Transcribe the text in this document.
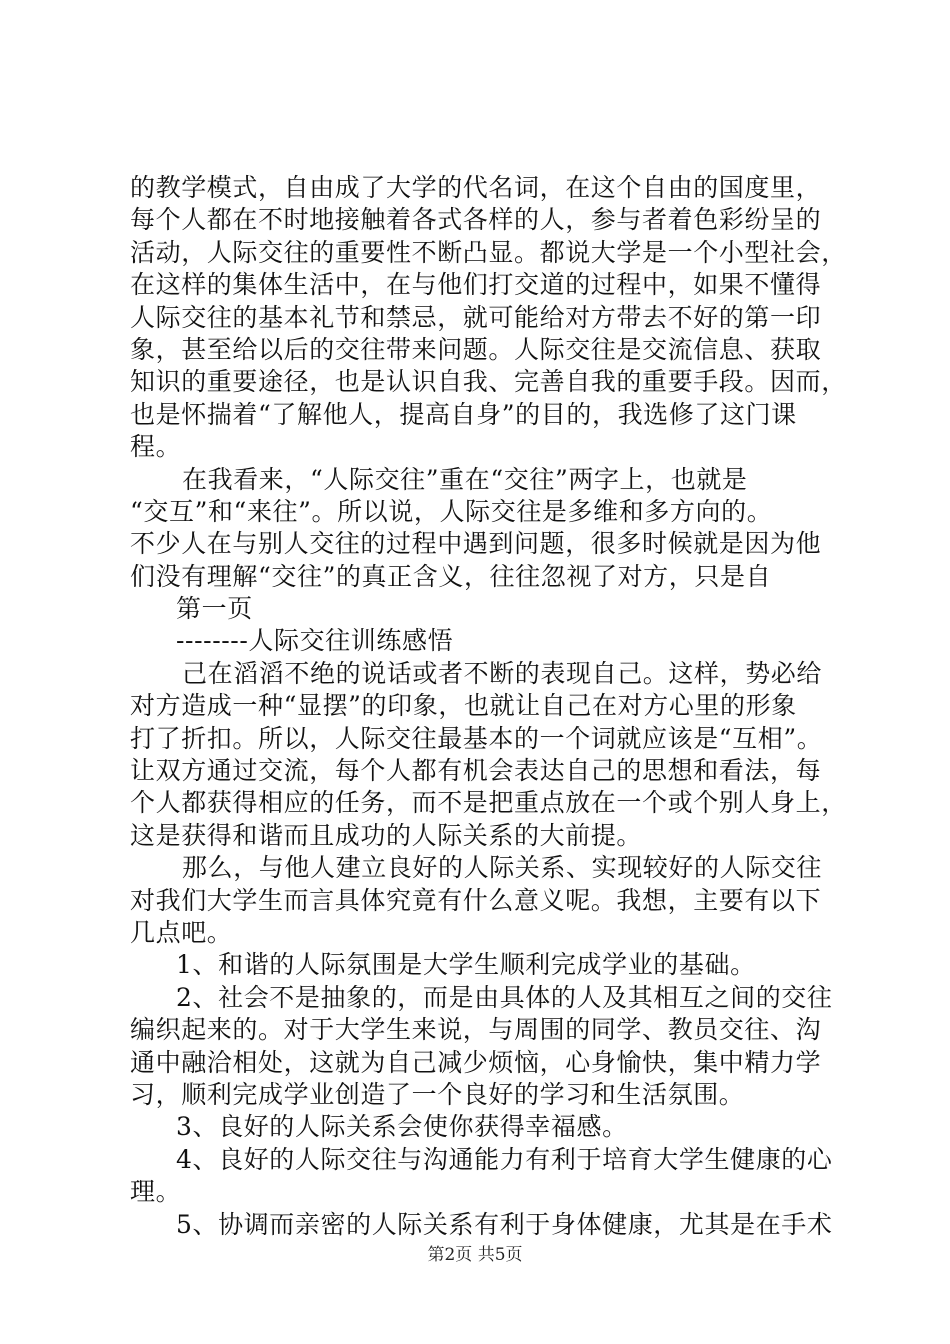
的教学模式，自由成了大学的代名词，在这个自由的国度里，
每个人都在不时地接触着各式各样的人，参与者着色彩纷呈的
活动，人际交往的重要性不断凸显。都说大学是一个小型社会，
在这样的集体生活中，在与他们打交道的过程中，如果不懂得
人际交往的基本礼节和禁忌，就可能给对方带去不好的第一印
象，甚至给以后的交往带来问题。人际交往是交流信息、获取
知识的重要途径，也是认识自我、完善自我的重要手段。因而，
也是怀揣着“了解他人，提高自身”的目的，我选修了这门课
程。
在我看来，“人际交往”重在“交往”两字上，也就是
“交互”和“来往”。所以说，人际交往是多维和多方向的。
不少人在与别人交往的过程中遇到问题，很多时候就是因为他
们没有理解“交往”的真正含义，往往忽视了对方，只是自
第一页
--------人际交往训练感悟
己在滔滔不绝的说话或者不断的表现自己。这样，势必给
对方造成一种“显摆”的印象，也就让自己在对方心里的形象
打了折扣。所以，人际交往最基本的一个词就应该是“互相”。
让双方通过交流，每个人都有机会表达自己的思想和看法，每
个人都获得相应的任务，而不是把重点放在一个或个别人身上，
这是获得和谐而且成功的人际关系的大前提。
那么，与他人建立良好的人际关系、实现较好的人际交往
对我们大学生而言具体究竟有什么意义呢。我想，主要有以下
几点吧。
1、和谐的人际氛围是大学生顺利完成学业的基础。
2、社会不是抽象的，而是由具体的人及其相互之间的交往
编织起来的。对于大学生来说，与周围的同学、教员交往、沟
通中融洽相处，这就为自己减少烦恼，心身愉快，集中精力学
习，顺利完成学业创造了一个良好的学习和生活氛围。
3、良好的人际关系会使你获得幸福感。
4、良好的人际交往与沟通能力有利于培育大学生健康的心
理。
5、协调而亲密的人际关系有利于身体健康，尤其是在手术
第2页 共5页
